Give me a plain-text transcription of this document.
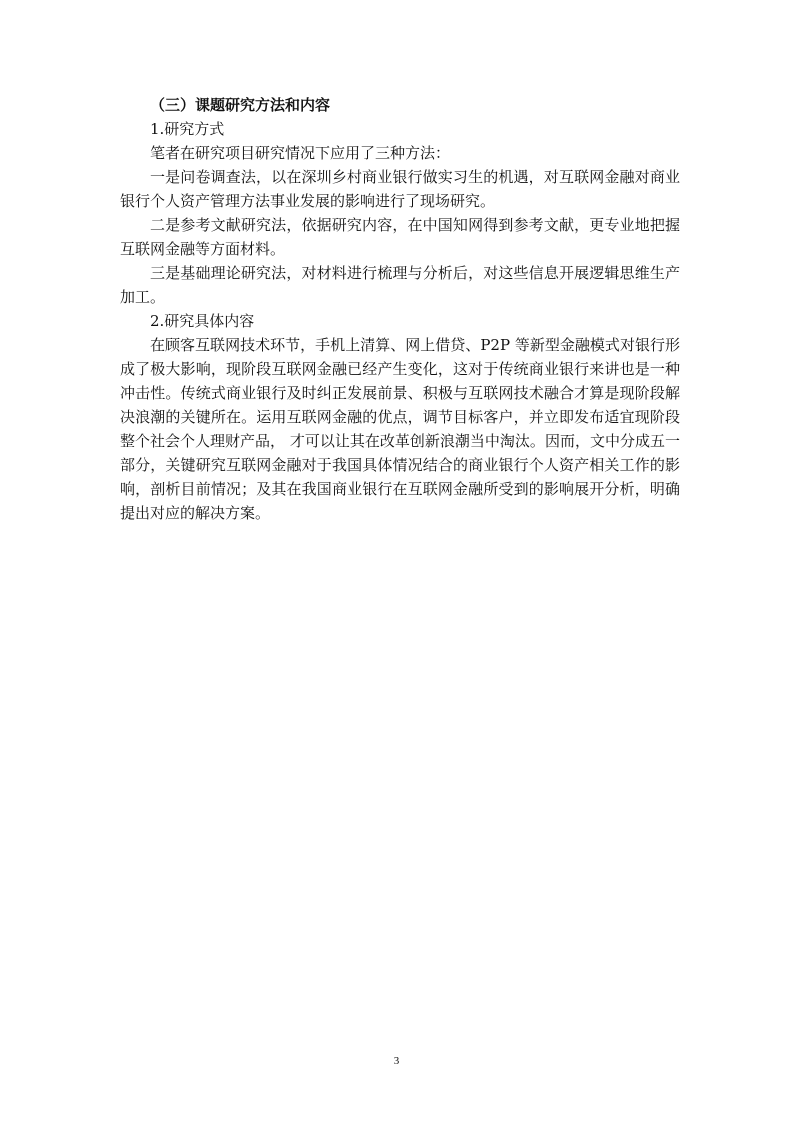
（三）课题研究方法和内容

1.研究方式

笔者在研究项目研究情况下应用了三种方法：

一是问卷调查法，以在深圳乡村商业银行做实习生的机遇，对互联网金融对商业银行个人资产管理方法事业发展的影响进行了现场研究。

二是参考文献研究法，依据研究内容，在中国知网得到参考文献，更专业地把握互联网金融等方面材料。

三是基础理论研究法，对材料进行梳理与分析后，对这些信息开展逻辑思维生产加工。

2.研究具体内容

在顾客互联网技术环节，手机上清算、网上借贷、P2P 等新型金融模式对银行形成了极大影响，现阶段互联网金融已经产生变化，这对于传统商业银行来讲也是一种冲击性。传统式商业银行及时纠正发展前景、积极与互联网技术融合才算是现阶段解决浪潮的关键所在。运用互联网金融的优点，调节目标客户，并立即发布适宜现阶段整个社会个人理财产品， 才可以让其在改革创新浪潮当中淘汰。因而，文中分成五一部分，关键研究互联网金融对于我国具体情况结合的商业银行个人资产相关工作的影响，剖析目前情况；及其在我国商业银行在互联网金融所受到的影响展开分析，明确提出对应的解决方案。

3
